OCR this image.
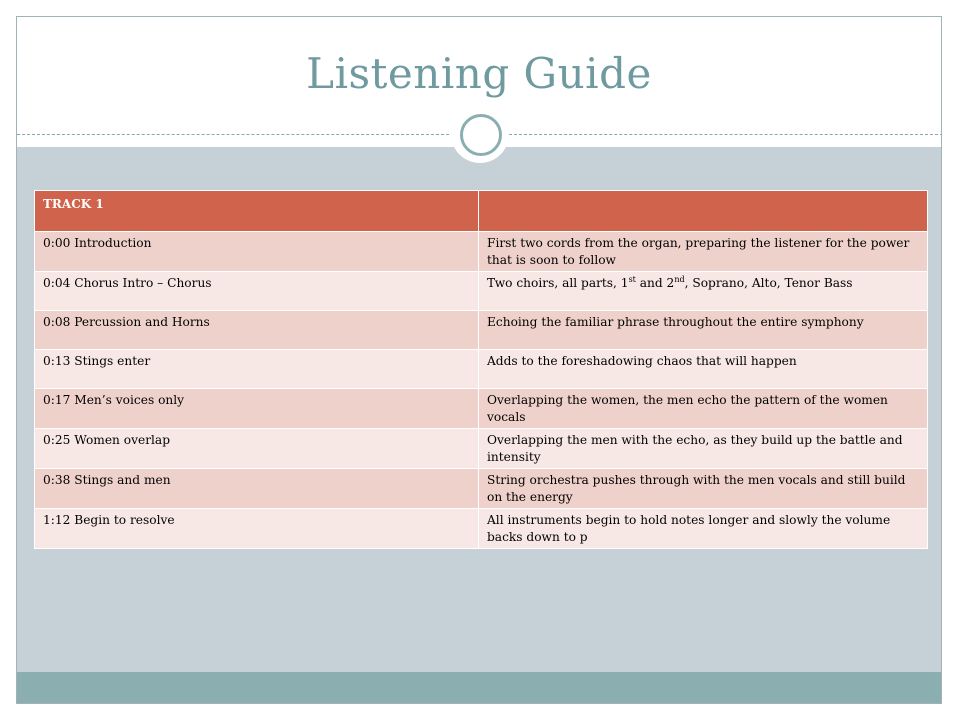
Listening Guide
TRACK 1	
0:00 Introduction	First two cords from the organ, preparing the listener for the power that is soon to follow
0:04 Chorus Intro – Chorus	Two choirs, all parts, 1st and 2nd, Soprano, Alto, Tenor Bass
0:08 Percussion and Horns	Echoing the familiar phrase throughout the entire symphony
0:13 Stings enter	Adds to the foreshadowing chaos that will happen
0:17 Men’s voices only	Overlapping the women, the men echo the pattern of the women vocals
0:25 Women overlap	Overlapping the men with the echo, as they build up the battle and intensity
0:38 Stings and men	String orchestra pushes through with the men vocals and still build on the energy
1:12 Begin to resolve	All instruments begin to hold notes longer and slowly the volume backs down to p
